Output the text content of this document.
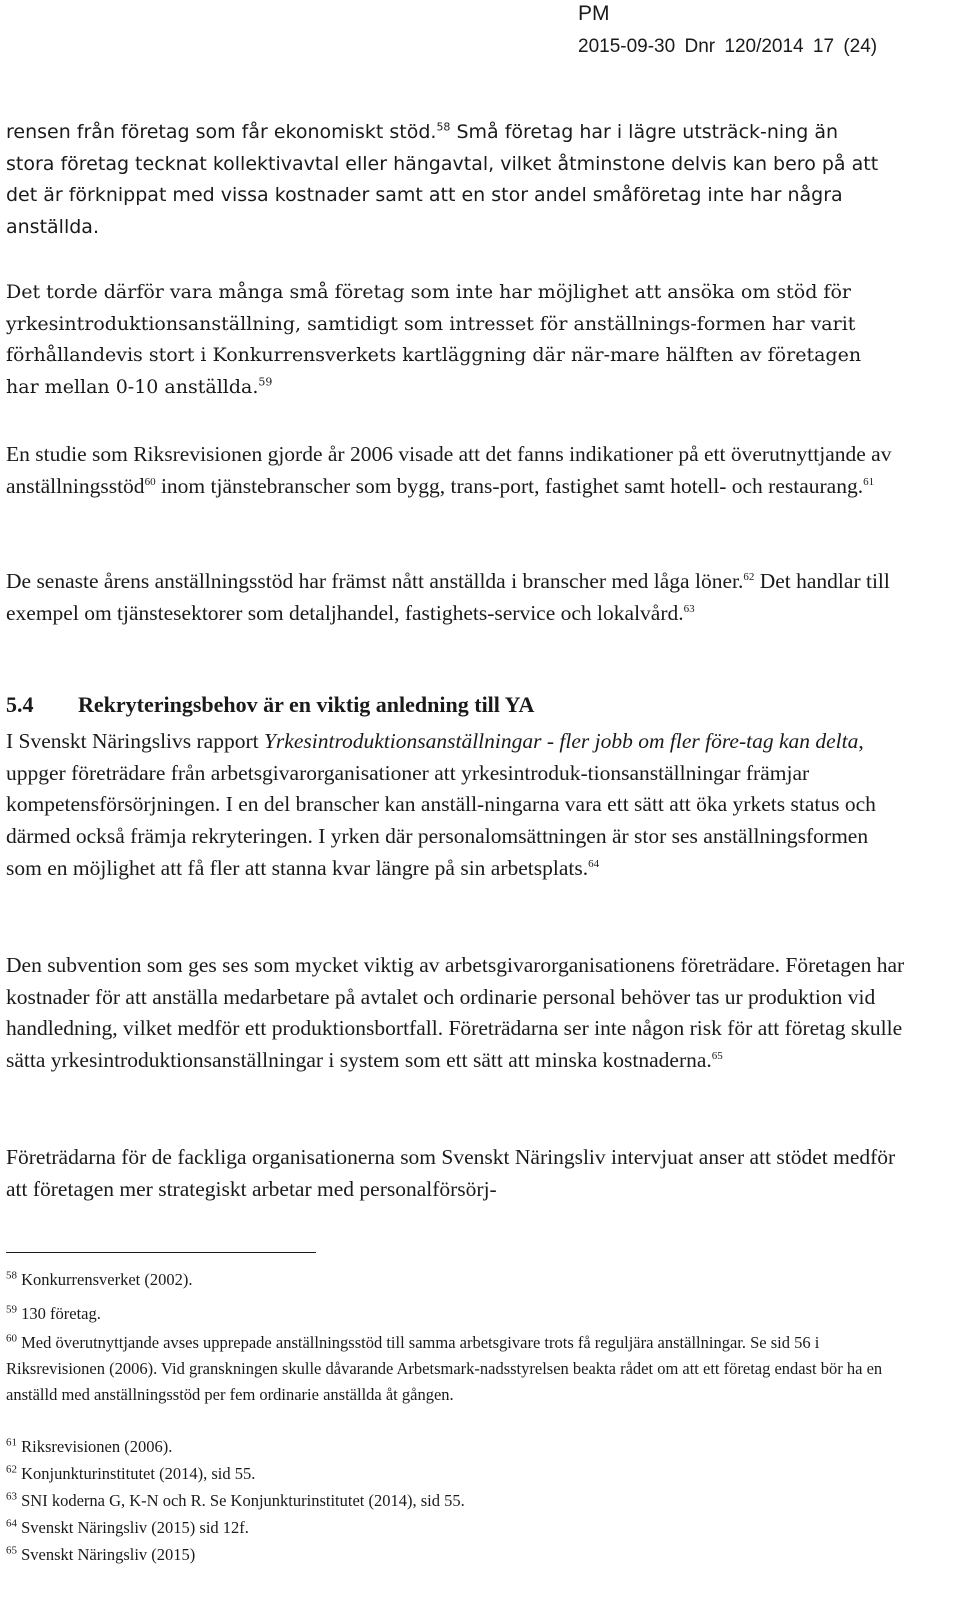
PM
2015-09-30 Dnr 120/2014 17 (24)

rensen från företag som får ekonomiskt stöd.$^{58}$ Små företag har i lägre utsträck-ning än stora företag tecknat kollektivavtal eller hängavtal, vilket åtminstone delvis kan bero på att det är förknippat med vissa kostnader samt att en stor andel småföretag inte har några anställda.

Det torde därför vara många små företag som inte har möjlighet att ansöka om stöd för yrkesintroduktionsanställning, samtidigt som intresset för anställnings-formen har varit förhållandevis stort i Konkurrensverkets kartläggning där när-mare hälften av företagen har mellan 0-10 anställda.$^{59}$

En studie som Riksrevisionen gjorde år 2006 visade att det fanns indikationer på ett överutnyttjande av anställningsstöd$^{60}$ inom tjänstebranscher som bygg, trans-port, fastighet samt hotell- och restaurang.$^{61}$

De senaste årens anställningsstöd har främst nått anställda i branscher med låga löner.$^{62}$ Det handlar till exempel om tjänstesektorer som detaljhandel, fastighets-service och lokalvård.$^{63}$

5.4 Rekryteringsbehov är en viktig anledning till YA

I Svenskt Näringslivs rapport Yrkesintroduktionsanställningar - fler jobb om fler före-tag kan delta, uppger företrädare från arbetsgivarorganisationer att yrkesintroduk-tionsanställningar främjar kompetensförsörjningen. I en del branscher kan anställ-ningarna vara ett sätt att öka yrkets status och därmed också främja rekryteringen. I yrken där personalomsättningen är stor ses anställningsformen som en möjlighet att få fler att stanna kvar längre på sin arbetsplats.$^{64}$

Den subvention som ges ses som mycket viktig av arbetsgivarorganisationens företrädare. Företagen har kostnader för att anställa medarbetare på avtalet och ordinarie personal behöver tas ur produktion vid handledning, vilket medför ett produktionsbortfall. Företrädarna ser inte någon risk för att företag skulle sätta yrkesintroduktionsanställningar i system som ett sätt att minska kostnaderna.$^{65}$

Företrädarna för de fackliga organisationerna som Svenskt Näringsliv intervjuat anser att stödet medför att företagen mer strategiskt arbetar med personalförsörj-

$^{58}$ Konkurrensverket (2002).
$^{59}$ 130 företag.
$^{60}$ Med överutnyttjande avses upprepade anställningsstöd till samma arbetsgivare trots få reguljära anställningar. Se sid 56 i Riksrevisionen (2006). Vid granskningen skulle dåvarande Arbetsmark-nadsstyrelsen beakta rådet om att ett företag endast bör ha en anställd med anställningsstöd per fem ordinarie anställda åt gången.
$^{61}$ Riksrevisionen (2006).
$^{62}$ Konjunkturinstitutet (2014), sid 55.
$^{63}$ SNI koderna G, K-N och R. Se Konjunkturinstitutet (2014), sid 55.
$^{64}$ Svenskt Näringsliv (2015) sid 12f.
$^{65}$ Svenskt Näringsliv (2015)
